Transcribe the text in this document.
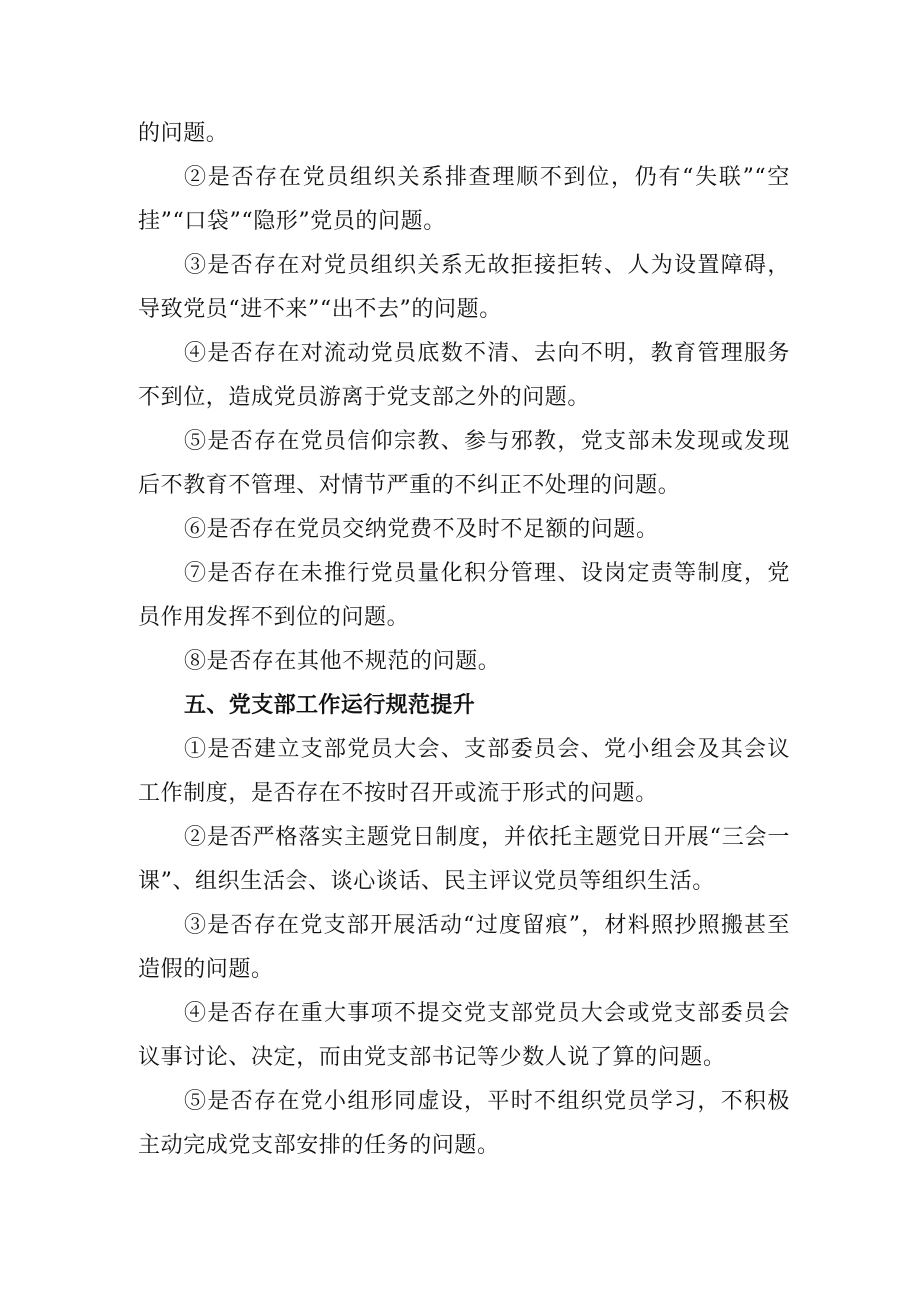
的问题。

②是否存在党员组织关系排查理顺不到位，仍有“失联”“空挂”“口袋”“隐形”党员的问题。

③是否存在对党员组织关系无故拒接拒转、人为设置障碍，导致党员“进不来”“出不去”的问题。

④是否存在对流动党员底数不清、去向不明，教育管理服务不到位，造成党员游离于党支部之外的问题。

⑤是否存在党员信仰宗教、参与邪教，党支部未发现或发现后不教育不管理、对情节严重的不纠正不处理的问题。

⑥是否存在党员交纳党费不及时不足额的问题。

⑦是否存在未推行党员量化积分管理、设岗定责等制度，党员作用发挥不到位的问题。

⑧是否存在其他不规范的问题。

五、党支部工作运行规范提升

①是否建立支部党员大会、支部委员会、党小组会及其会议工作制度，是否存在不按时召开或流于形式的问题。

②是否严格落实主题党日制度，并依托主题党日开展“三会一课”、组织生活会、谈心谈话、民主评议党员等组织生活。

③是否存在党支部开展活动“过度留痕”，材料照抄照搬甚至造假的问题。

④是否存在重大事项不提交党支部党员大会或党支部委员会议事讨论、决定，而由党支部书记等少数人说了算的问题。

⑤是否存在党小组形同虚设，平时不组织党员学习，不积极主动完成党支部安排的任务的问题。
